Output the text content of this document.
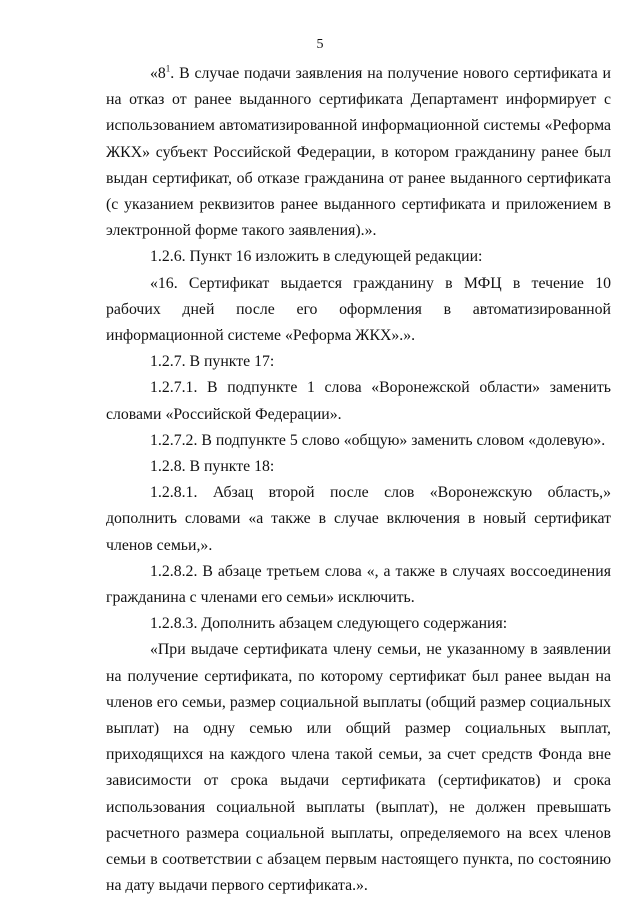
5

«$8^1$. В случае подачи заявления на получение нового сертификата и на отказ от ранее выданного сертификата Департамент информирует с использованием автоматизированной информационной системы «Реформа ЖКХ» субъект Российской Федерации, в котором гражданину ранее был выдан сертификат, об отказе гражданина от ранее выданного сертификата (с указанием реквизитов ранее выданного сертификата и приложением в электронной форме такого заявления).».

1.2.6. Пункт 16 изложить в следующей редакции:

«16. Сертификат выдается гражданину в МФЦ в течение 10 рабочих дней после его оформления в автоматизированной информационной системе «Реформа ЖКХ».».

1.2.7. В пункте 17:

1.2.7.1. В подпункте 1 слова «Воронежской области» заменить словами «Российской Федерации».

1.2.7.2. В подпункте 5 слово «общую» заменить словом «долевую».

1.2.8. В пункте 18:

1.2.8.1. Абзац второй после слов «Воронежскую область,» дополнить словами «а также в случае включения в новый сертификат членов семьи,».

1.2.8.2. В абзаце третьем слова «, а также в случаях воссоединения гражданина с членами его семьи» исключить.

1.2.8.3. Дополнить абзацем следующего содержания:

«При выдаче сертификата члену семьи, не указанному в заявлении на получение сертификата, по которому сертификат был ранее выдан на членов его семьи, размер социальной выплаты (общий размер социальных выплат) на одну семью или общий размер социальных выплат, приходящихся на каждого члена такой семьи, за счет средств Фонда вне зависимости от срока выдачи сертификата (сертификатов) и срока использования социальной выплаты (выплат), не должен превышать расчетного размера социальной выплаты, определяемого на всех членов семьи в соответствии с абзацем первым настоящего пункта, по состоянию на дату выдачи первого сертификата.».
